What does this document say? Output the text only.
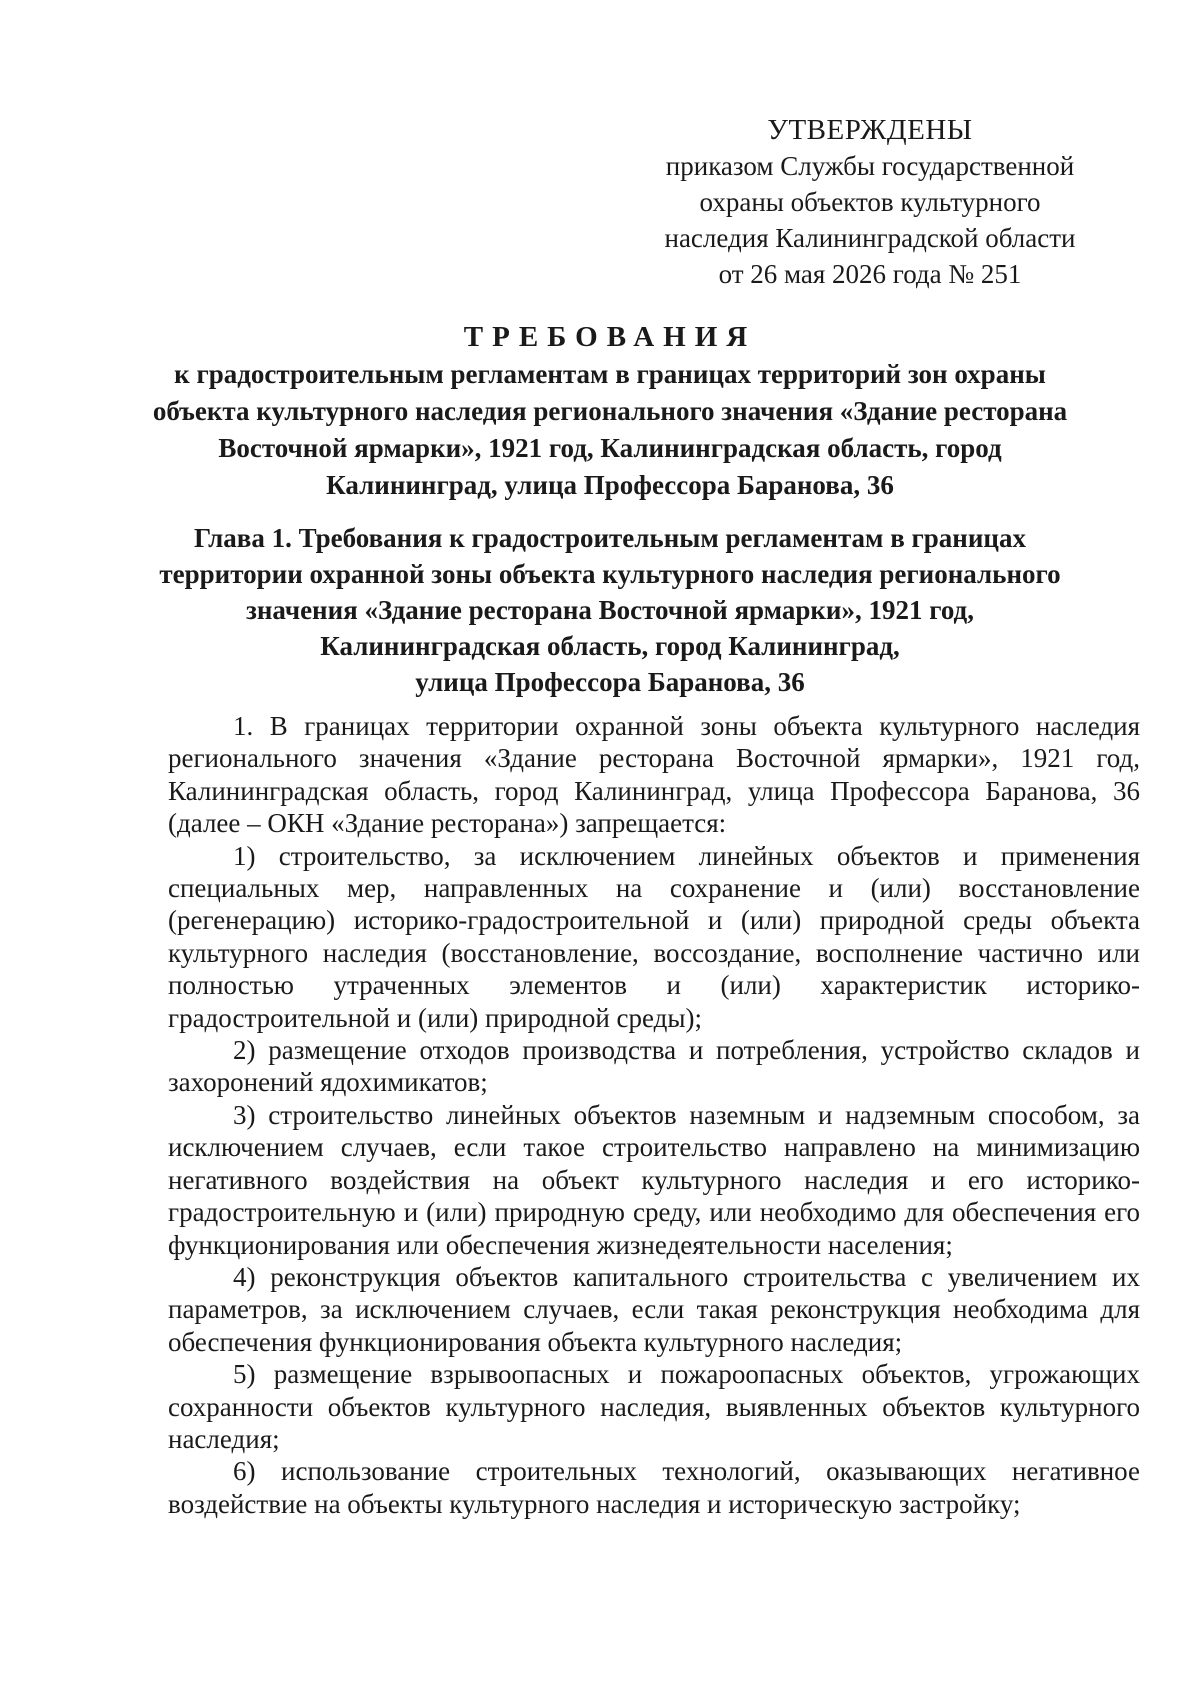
УТВЕРЖДЕНЫ
приказом Службы государственной
охраны объектов культурного
наследия Калининградской области
от 26 мая 2026 года № 251
ТРЕБОВАНИЯ
к градостроительным регламентам в границах территорий зон охраны
объекта культурного наследия регионального значения «Здание ресторана
Восточной ярмарки», 1921 год, Калининградская область, город
Калининград, улица Профессора Баранова, 36
Глава 1. Требования к градостроительным регламентам в границах
территории охранной зоны объекта культурного наследия регионального
значения «Здание ресторана Восточной ярмарки», 1921 год,
Калининградская область, город Калининград,
улица Профессора Баранова, 36

1. В границах территории охранной зоны объекта культурного наследия регионального значения «Здание ресторана Восточной ярмарки», 1921 год, Калининградская область, город Калининград, улица Профессора Баранова, 36 (далее – ОКН «Здание ресторана») запрещается:

1) строительство, за исключением линейных объектов и применения специальных мер, направленных на сохранение и (или) восстановление (регенерацию) историко-градостроительной и (или) природной среды объекта культурного наследия (восстановление, воссоздание, восполнение частично или полностью утраченных элементов и (или) характеристик историко-градостроительной и (или) природной среды);

2) размещение отходов производства и потребления, устройство складов и захоронений ядохимикатов;

3) строительство линейных объектов наземным и надземным способом, за исключением случаев, если такое строительство направлено на минимизацию негативного воздействия на объект культурного наследия и его историко-градостроительную и (или) природную среду, или необходимо для обеспечения его функционирования или обеспечения жизнедеятельности населения;

4) реконструкция объектов капитального строительства с увеличением их параметров, за исключением случаев, если такая реконструкция необходима для обеспечения функционирования объекта культурного наследия;

5) размещение взрывоопасных и пожароопасных объектов, угрожающих сохранности объектов культурного наследия, выявленных объектов культурного наследия;

6) использование строительных технологий, оказывающих негативное воздействие на объекты культурного наследия и историческую застройку;
